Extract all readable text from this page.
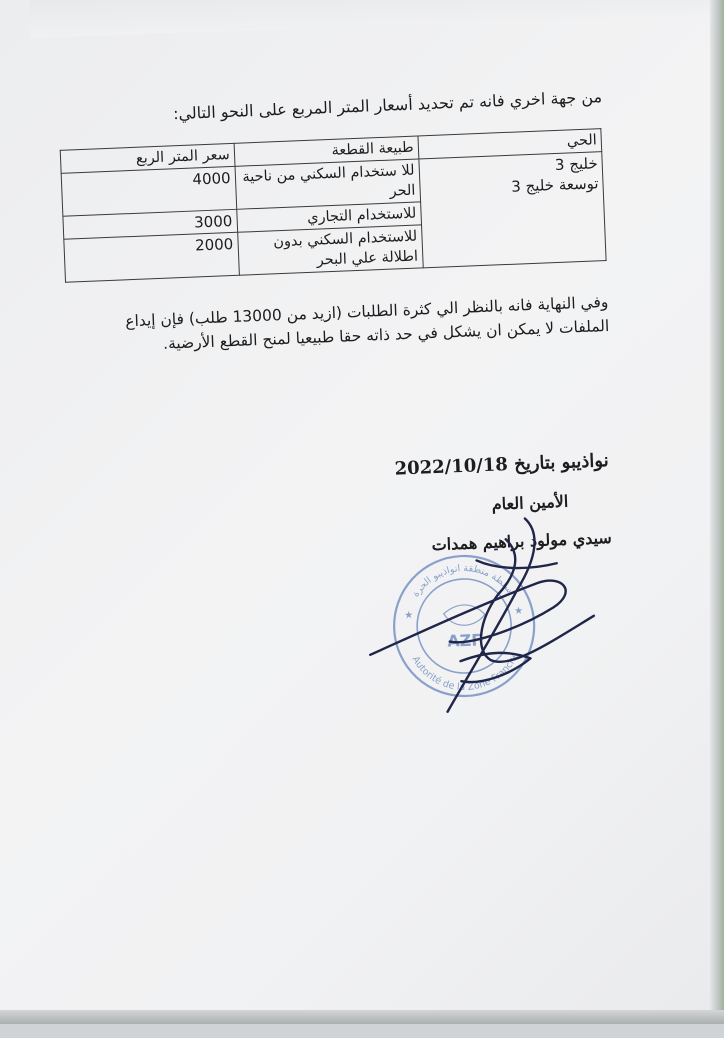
من جهة اخري فانه تم تحديد أسعار المتر المربع على النحو التالي:
الحي	طبيعة القطعة	سعر المتر الربع

خليج 3
توسعة خليج 3	للا ستخدام السكني من ناحية الحر	4000
	للاستخدام التجاري	3000
	للاستخدام السكني بدون اطلالة علي البحر	2000
وفي النهاية فانه بالنظر الي كثرة الطلبات (ازيد من 13000 طلب) فإن إيداع الملفات لا يمكن ان يشكل في حد ذاته حقا طبيعيا لمنح القطع الأرضية.
نواذيبو بتاريخ 2022/10/18
الأمين العام
سيدي مولود براهيم همدات
سلطة منطقة انواذيبو الحرة
Autorité de la Zone Franche
AZF
★
★
